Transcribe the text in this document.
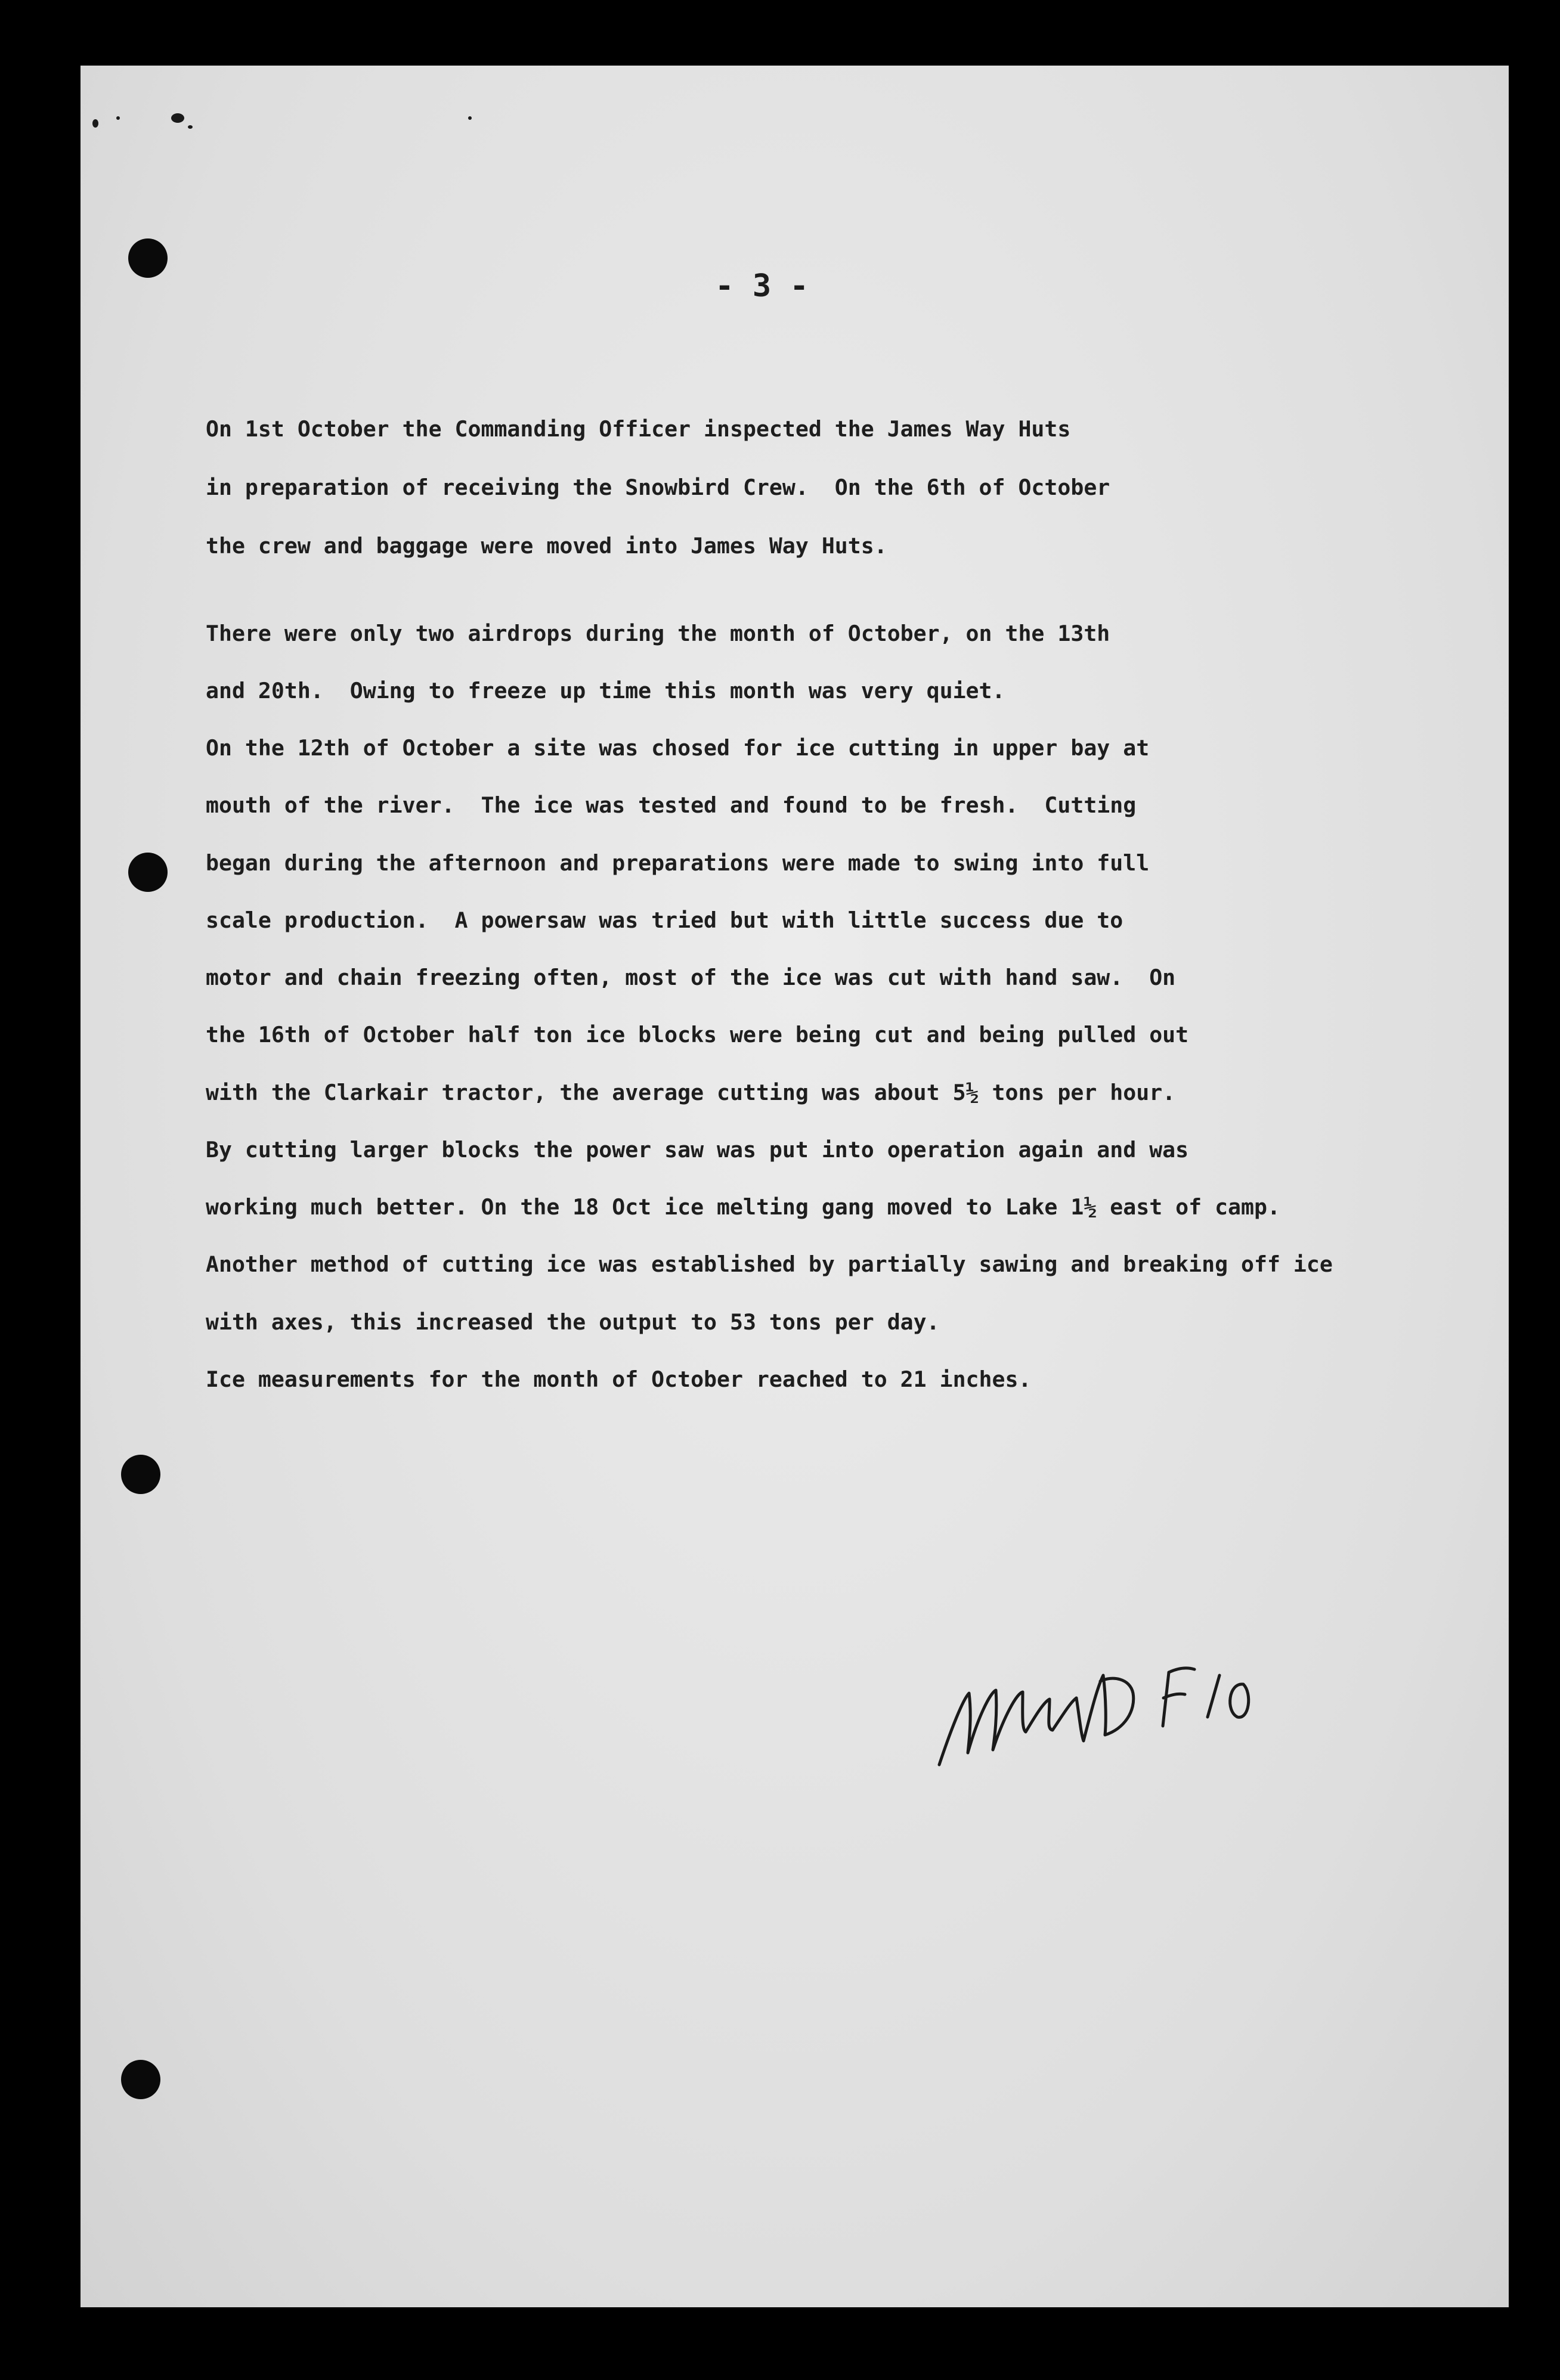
- 3 -
On 1st October the Commanding Officer inspected the James Way Huts
in preparation of receiving the Snowbird Crew.  On the 6th of October
the crew and baggage were moved into James Way Huts.
There were only two airdrops during the month of October, on the 13th
and 20th.  Owing to freeze up time this month was very quiet.
On the 12th of October a site was chosed for ice cutting in upper bay at
mouth of the river.  The ice was tested and found to be fresh.  Cutting
began during the afternoon and preparations were made to swing into full
scale production.  A powersaw was tried but with little success due to
motor and chain freezing often, most of the ice was cut with hand saw.  On
the 16th of October half ton ice blocks were being cut and being pulled out
with the Clarkair tractor, the average cutting was about 5½ tons per hour.
By cutting larger blocks the power saw was put into operation again and was
working much better. On the 18 Oct ice melting gang moved to Lake 1½ east of camp.
Another method of cutting ice was established by partially sawing and breaking off ice
with axes, this increased the output to 53 tons per day.
Ice measurements for the month of October reached to 21 inches.
